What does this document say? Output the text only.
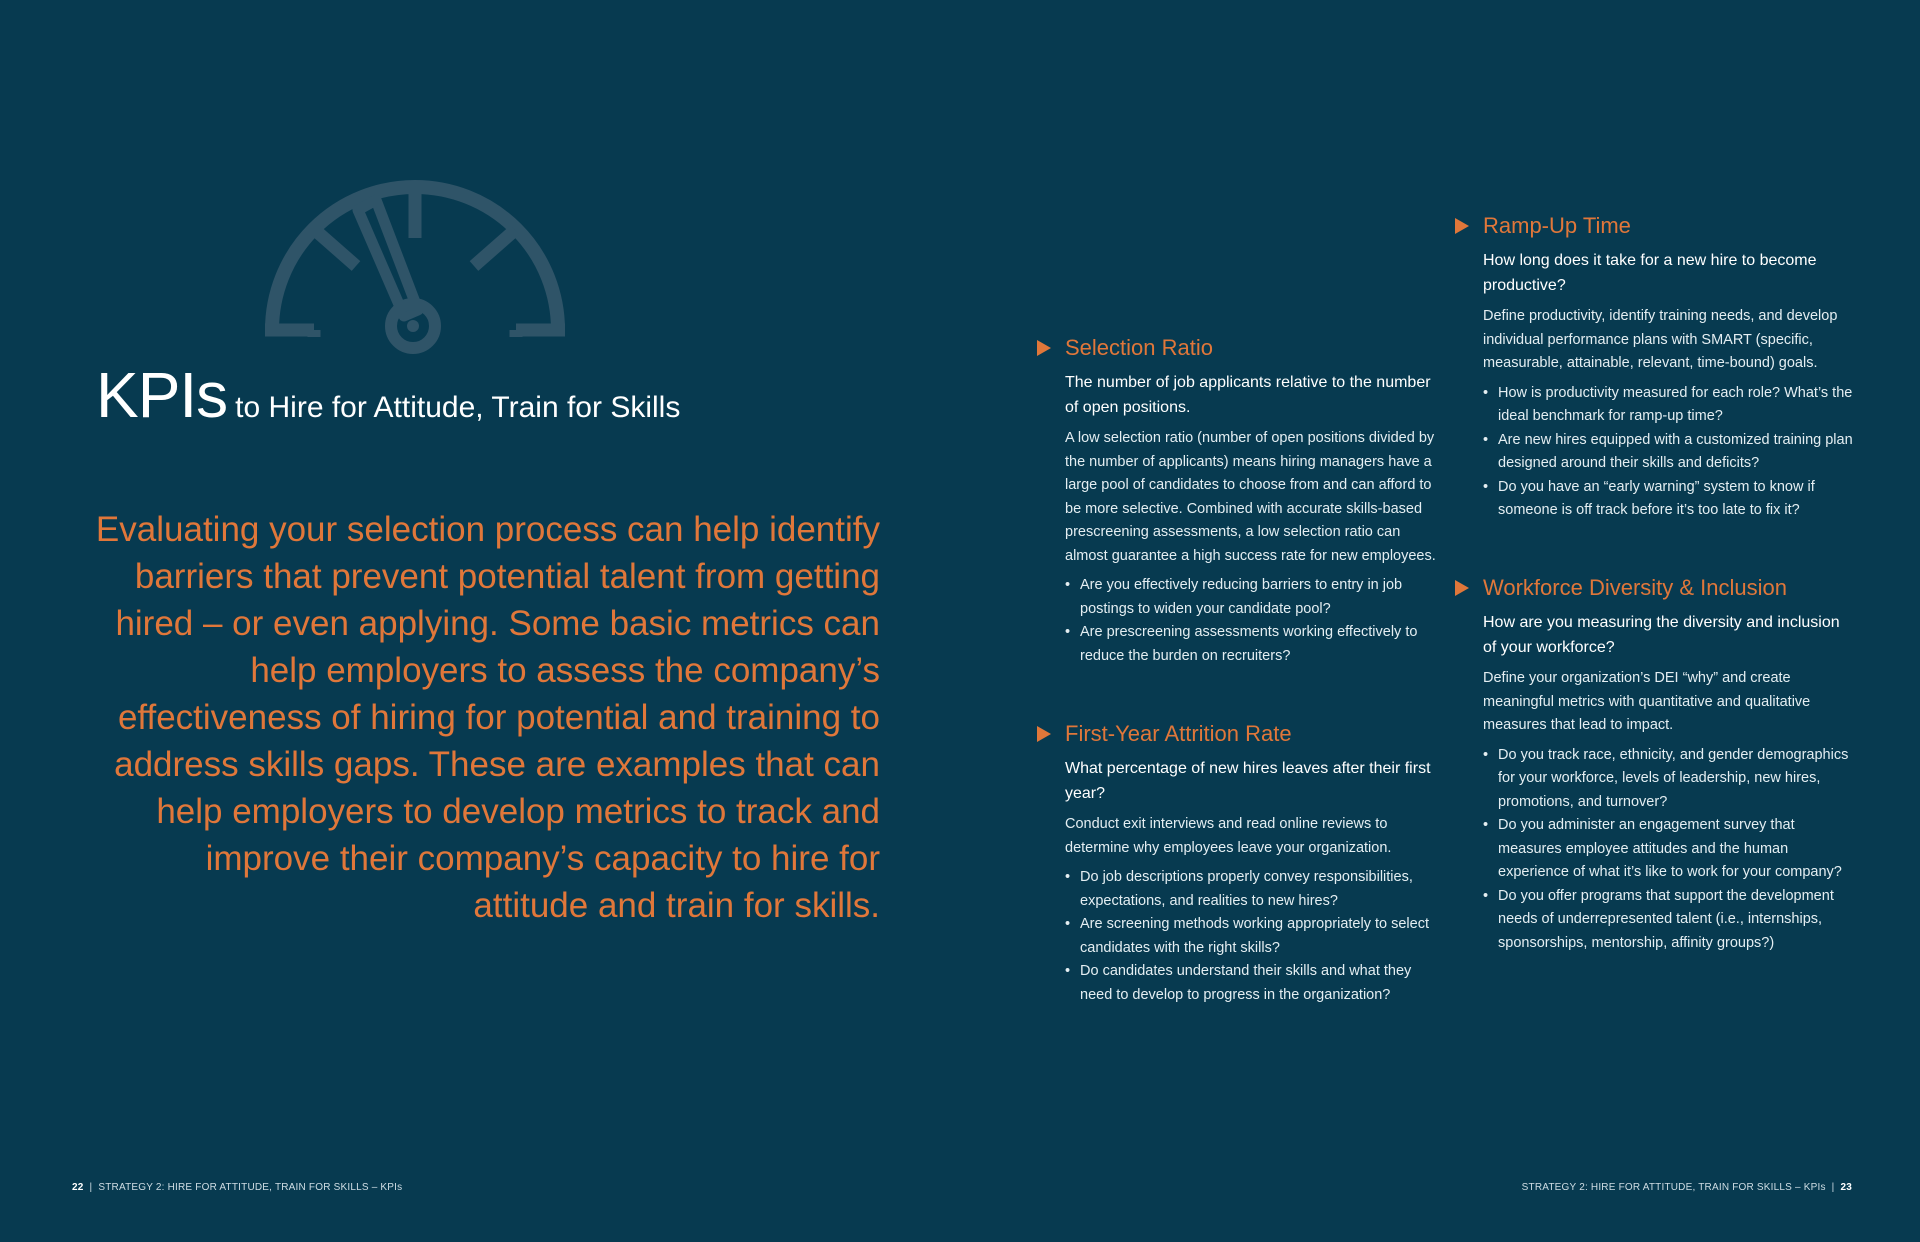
KPIs to Hire for Attitude, Train for Skills
Evaluating your selection process can help identify barriers that prevent potential talent from getting hired – or even applying. Some basic metrics can help employers to assess the company’s effectiveness of hiring for potential and training to address skills gaps. These are examples that can help employers to develop metrics to track and improve their company’s capacity to hire for attitude and train for skills.
Selection Ratio
The number of job applicants relative to the number of open positions.
A low selection ratio (number of open positions divided by the number of applicants) means hiring managers have a large pool of candidates to choose from and can afford to be more selective. Combined with accurate skills-based prescreening assessments, a low selection ratio can almost guarantee a high success rate for new employees.
• Are you effectively reducing barriers to entry in job postings to widen your candidate pool?
• Are prescreening assessments working effectively to reduce the burden on recruiters?
First-Year Attrition Rate
What percentage of new hires leaves after their first year?
Conduct exit interviews and read online reviews to determine why employees leave your organization.
• Do job descriptions properly convey responsibilities, expectations, and realities to new hires?
• Are screening methods working appropriately to select candidates with the right skills?
• Do candidates understand their skills and what they need to develop to progress in the organization?
Ramp-Up Time
How long does it take for a new hire to become productive?
Define productivity, identify training needs, and develop individual performance plans with SMART (specific, measurable, attainable, relevant, time-bound) goals.
• How is productivity measured for each role? What’s the ideal benchmark for ramp-up time?
• Are new hires equipped with a customized training plan designed around their skills and deficits?
• Do you have an “early warning” system to know if someone is off track before it’s too late to fix it?
Workforce Diversity & Inclusion
How are you measuring the diversity and inclusion of your workforce?
Define your organization’s DEI “why” and create meaningful metrics with quantitative and qualitative measures that lead to impact.
• Do you track race, ethnicity, and gender demographics for your workforce, levels of leadership, new hires, promotions, and turnover?
• Do you administer an engagement survey that measures employee attitudes and the human experience of what it’s like to work for your company?
• Do you offer programs that support the development needs of underrepresented talent (i.e., internships, sponsorships, mentorship, affinity groups?)
22 | STRATEGY 2: HIRE FOR ATTITUDE, TRAIN FOR SKILLS – KPIs	STRATEGY 2: HIRE FOR ATTITUDE, TRAIN FOR SKILLS – KPIs | 23
